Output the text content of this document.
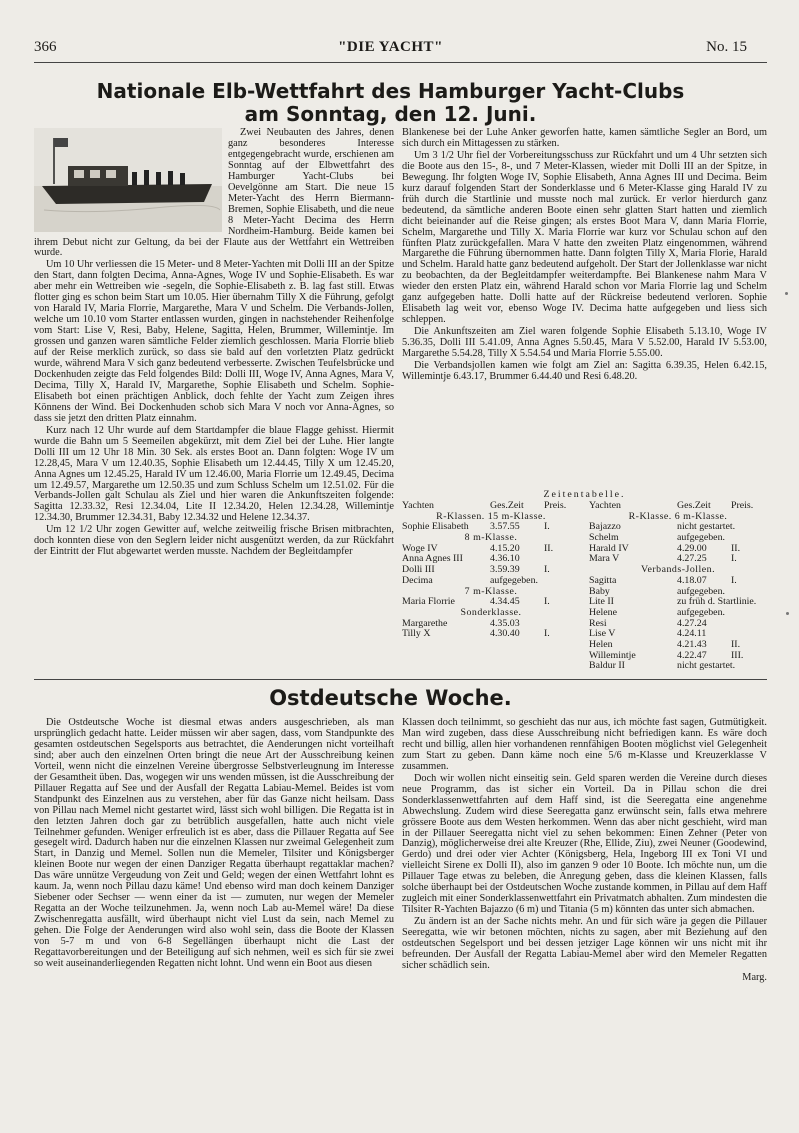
366	"DIE YACHT"	No. 15
Nationale Elb-Wettfahrt des Hamburger Yacht-Clubs
am Sonntag, den 12. Juni.

Zwei Neubauten des Jahres, denen ganz besonderes Interesse entgegengebracht wurde, erschienen am Sonntag auf der Elbwettfahrt des Hamburger Yacht-Clubs bei Oevelgönne am Start. Die neue 15 Meter-Yacht des Herrn Biermann-Bremen, Sophie Elisabeth, und die neue 8 Meter-Yacht Decima des Herrn Nordheim-Hamburg. Beide kamen bei ihrem Debut nicht zur Geltung, da bei der Flaute aus der Wettfahrt ein Wettreiben wurde.

Um 10 Uhr verliessen die 15 Meter- und 8 Meter-Yachten mit Dolli III an der Spitze den Start, dann folgten Decima, Anna-Agnes, Woge IV und Sophie-Elisabeth. Es war aber mehr ein Wettreiben wie -segeln, die Sophie-Elisabeth z. B. lag fast still. Etwas flotter ging es schon beim Start um 10.05. Hier übernahm Tilly X die Führung, gefolgt von Harald IV, Maria Florrie, Margarethe, Mara V und Schelm. Die Verbands-Jollen, welche um 10.10 vom Starter entlassen wurden, gingen in nachstehender Reihenfolge vom Start: Lise V, Resi, Baby, Helene, Sagitta, Helen, Brummer, Willemintje. Im grossen und ganzen waren sämtliche Felder ziemlich geschlossen. Maria Florrie blieb auf der Reise merklich zurück, so dass sie bald auf den vorletzten Platz gedrückt wurde, während Mara V sich ganz bedeutend verbesserte. Zwischen Teufelsbrücke und Dockenhuden zeigte das Feld folgendes Bild: Dolli III, Woge IV, Anna Agnes, Mara V, Decima, Tilly X, Harald IV, Margarethe, Sophie Elisabeth und Schelm. Sophie-Elisabeth bot einen prächtigen Anblick, doch fehlte der Yacht zum Zeigen ihres Könnens der Wind. Bei Dockenhuden schob sich Mara V noch vor Anna-Agnes, so dass sie jetzt den dritten Platz einnahm.

Kurz nach 12 Uhr wurde auf dem Startdampfer die blaue Flagge gehisst. Hiermit wurde die Bahn um 5 Seemeilen abgekürzt, mit dem Ziel bei der Luhe. Hier langte Dolli III um 12 Uhr 18 Min. 30 Sek. als erstes Boot an. Dann folgten: Woge IV um 12.28,45, Mara V um 12.40.35, Sophie Elisabeth um 12.44.45, Tilly X um 12.45.20, Anna Agnes um 12.45.25, Harald IV um 12.46.00, Maria Florrie um 12.49.45, Decima um 12.49.57, Margarethe um 12.50.35 und zum Schluss Schelm um 12.51.02. Für die Verbands-Jollen galt Schulau als Ziel und hier waren die Ankunftszeiten folgende: Sagitta 12.33.32, Resi 12.34.04, Lite II 12.34.20, Helen 12.34.28, Willemintje 12.34.30, Brummer 12.34.31, Baby 12.34.32 und Helene 12.34.37.

Um 12 1/2 Uhr zogen Gewitter auf, welche zeitweilig frische Brisen mitbrachten, doch konnten diese von den Seglern leider nicht ausgenützt werden, da zur Rückfahrt der Eintritt der Flut abgewartet werden musste. Nachdem der Begleitdampfer

Blankenese bei der Luhe Anker geworfen hatte, kamen sämtliche Segler an Bord, um sich durch ein Mittagessen zu stärken.

Um 3 1/2 Uhr fiel der Vorbereitungsschuss zur Rückfahrt und um 4 Uhr setzten sich die Boote aus den 15-, 8-, und 7 Meter-Klassen, wieder mit Dolli III an der Spitze, in Bewegung. Ihr folgten Woge IV, Sophie Elisabeth, Anna Agnes III und Decima. Beim kurz darauf folgenden Start der Sonderklasse und 6 Meter-Klasse ging Harald IV zu früh durch die Startlinie und musste noch mal zurück. Er verlor hierdurch ganz bedeutend, da sämtliche anderen Boote einen sehr glatten Start hatten und ziemlich dicht beieinander auf die Reise gingen; als erstes Boot Mara V, dann Maria Florrie, Schelm, Margarethe und Tilly X. Maria Florrie war kurz vor Schulau schon auf den fünften Platz zurückgefallen. Mara V hatte den zweiten Platz eingenommen, während Margarethe die Führung übernommen hatte. Dann folgten Tilly X, Maria Florie, Harald und Schelm. Harald hatte ganz bedeutend aufgeholt. Der Start der Jollenklasse war nicht zu beobachten, da der Begleitdampfer weiterdampfte. Bei Blankenese nahm Mara V wieder den ersten Platz ein, während Harald schon vor Maria Florrie lag und Schelm ganz aufgegeben hatte. Dolli hatte auf der Rückreise bedeutend verloren. Sophie Elisabeth lag weit vor, ebenso Woge IV. Decima hatte aufgegeben und liess sich schleppen.

Die Ankunftszeiten am Ziel waren folgende Sophie Elisabeth 5.13.10, Woge IV 5.36.35, Dolli III 5.41.09, Anna Agnes 5.50.45, Mara V 5.52.00, Harald IV 5.53.00, Margarethe 5.54.28, Tilly X 5.54.54 und Maria Florrie 5.55.00.

Die Verbandsjollen kamen wie folgt am Ziel an: Sagitta 6.39.35, Helen 6.42.15, Willemintje 6.43.17, Brummer 6.44.40 und Resi 6.48.20.

Zeitentabelle.
Yachten	Ges.Zeit	Preis.
R-Klassen. 15 m-Klasse.
Sophie Elisabeth	3.57.55	I.
8 m-Klasse.
Woge IV	4.15.20	II.
Anna Agnes III	4.36.10
Dolli III	3.59.39	I.
Decima	aufgegeben.
7 m-Klasse.
Maria Florrie	4.34.45	I.
Sonderklasse.
Margarethe	4.35.03
Tilly X	4.30.40	I.
Yachten	Ges.Zeit	Preis.
R-Klasse. 6 m-Klasse.
Bajazzo	nicht gestartet.
Schelm	aufgegeben.
Harald IV	4.29.00	II.
Mara V	4.27.25	I.
Verbands-Jollen.
Sagitta	4.18.07	I.
Baby	aufgegeben.
Lite II	zu früh d. Startlinie.
Helene	aufgegeben.
Resi	4.27.24
Lise V	4.24.11
Helen	4.21.43	II.
Willemintje	4.22.47	III.
Baldur II	nicht gestartet.
Ostdeutsche Woche.

Die Ostdeutsche Woche ist diesmal etwas anders ausgeschrieben, als man ursprünglich gedacht hatte. Leider müssen wir aber sagen, dass, vom Standpunkte des gesamten ostdeutschen Segelsports aus betrachtet, die Aenderungen nicht vorteilhaft sind; aber auch den einzelnen Orten bringt die neue Art der Ausschreibung keinen Vorteil, wenn nicht die einzelnen Vereine übergrosse Selbstverleugnung im Interesse der Gesamtheit üben. Das, wogegen wir uns wenden müssen, ist die Ausschreibung der Pillauer Regatta auf See und der Ausfall der Regatta Labiau-Memel. Beides ist vom Standpunkt des Einzelnen aus zu verstehen, aber für das Ganze nicht heilsam. Dass von Pillau nach Memel nicht gestartet wird, lässt sich wohl billigen. Die Regatta ist in den letzten Jahren doch gar zu betrüblich ausgefallen, hatte auch nicht viele Teilnehmer gefunden. Weniger erfreulich ist es aber, dass die Pillauer Regatta auf See gesegelt wird. Dadurch haben nur die einzelnen Klassen nur zweimal Gelegenheit zum Start, in Danzig und Memel. Sollen nun die Memeler, Tilsiter und Königsberger kleinen Boote nur wegen der einen Danziger Regatta überhaupt regattaklar machen? Das wäre unnütze Vergeudung von Zeit und Geld; wegen der einen Wettfahrt lohnt es kaum. Ja, wenn noch Pillau dazu käme! Und ebenso wird man doch keinem Danziger Siebener oder Sechser — wenn einer da ist — zumuten, nur wegen der Memeler Regatta an der Woche teilzunehmen. Ja, wenn noch Lab au-Memel wäre! Da diese Zwischenregatta ausfällt, wird überhaupt nicht viel Lust da sein, nach Memel zu gehen. Die Folge der Aenderungen wird also wohl sein, dass die Boote der Klassen von 5-7 m und von 6-8 Segellängen überhaupt nicht die Last der Regattavorbereitungen und der Beteiligung auf sich nehmen, weil es sich für sie zwei so weit auseinanderliegenden Regatten nicht lohnt. Und wenn ein Boot aus diesen

Klassen doch teilnimmt, so geschieht das nur aus, ich möchte fast sagen, Gutmütigkeit. Man wird zugeben, dass diese Ausschreibung nicht befriedigen kann. Es wäre doch recht und billig, allen hier vorhandenen rennfähigen Booten möglichst viel Gelegenheit zum Start zu geben. Dann käme noch eine 5/6 m-Klasse und Kreuzerklasse V zusammen.

Doch wir wollen nicht einseitig sein. Geld sparen werden die Vereine durch dieses neue Programm, das ist sicher ein Vorteil. Da in Pillau schon die drei Sonderklassenwettfahrten auf dem Haff sind, ist die Seeregatta eine angenehme Abwechslung. Zudem wird diese Seeregatta ganz erwünscht sein, falls etwa mehrere grössere Boote aus dem Westen herkommen. Wenn das aber nicht geschieht, wird man in der Pillauer Seeregatta nicht viel zu sehen bekommen: Einen Zehner (Peter von Danzig), möglicherweise drei alte Kreuzer (Rhe, Ellide, Ziu), zwei Neuner (Goodewind, Gerdo) und drei oder vier Achter (Königsberg, Hela, Ingeborg III ex Toni VI und vielleicht Sirene ex Dolli II), also im ganzen 9 oder 10 Boote. Ich möchte nun, um die Pillauer Tage etwas zu beleben, die Anregung geben, dass die kleinen Klassen, falls solche überhaupt bei der Ostdeutschen Woche zustande kommen, in Pillau auf dem Haff zugleich mit einer Sonderklassenwettfahrt ein Privatmatch abhalten. Zum mindesten die Tilsiter R-Yachten Bajazzo (6 m) und Titania (5 m) könnten das unter sich abmachen.

Zu ändern ist an der Sache nichts mehr. An und für sich wäre ja gegen die Pillauer Seeregatta, wie wir betonen möchten, nichts zu sagen, aber mit Beziehung auf den ostdeutschen Segelsport und bei dessen jetziger Lage können wir uns nicht mit ihr befreunden. Der Ausfall der Regatta Labiau-Memel aber wird den Memeler Regatten sicher schädlich sein.

Marg.
